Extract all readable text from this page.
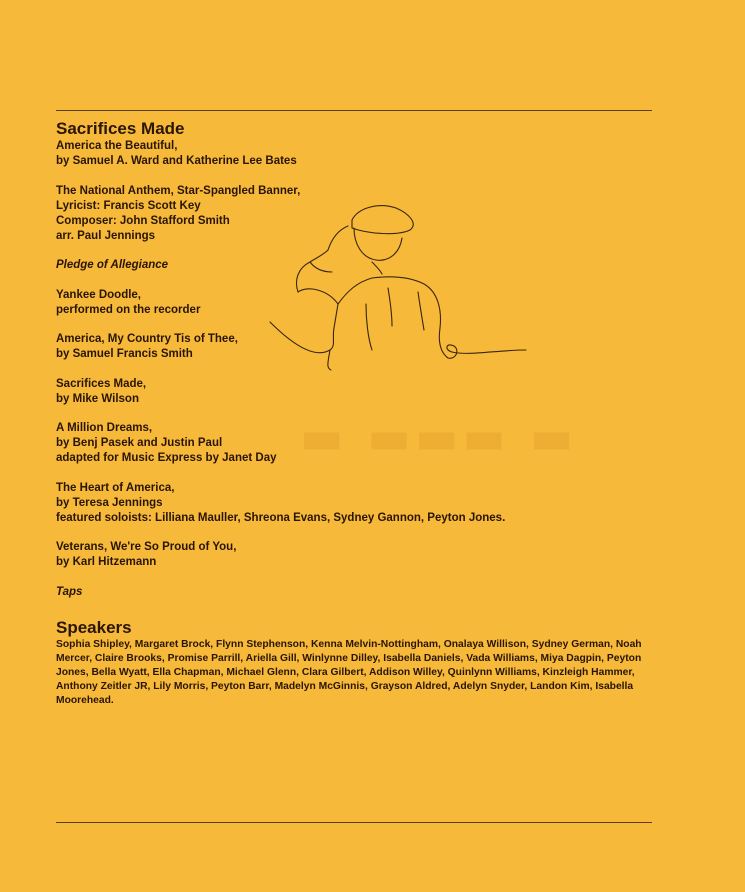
Sacrifices Made
America the Beautiful,
by Samuel A. Ward and Katherine Lee Bates
The National Anthem, Star-Spangled Banner,
Lyricist: Francis Scott Key
Composer: John Stafford Smith
arr. Paul Jennings
Pledge of Allegiance
Yankee Doodle,
performed on the recorder
America, My Country Tis of Thee,
by Samuel Francis Smith
Sacrifices Made,
by Mike Wilson
A Million Dreams,
by Benj Pasek and Justin Paul
adapted for Music Express by Janet Day
The Heart of America,
by Teresa Jennings
featured soloists: Lilliana Mauller, Shreona Evans, Sydney Gannon, Peyton Jones.
Veterans, We're So Proud of You,
by Karl Hitzemann
Taps
Speakers
Sophia Shipley, Margaret Brock, Flynn Stephenson, Kenna Melvin-Nottingham, Onalaya Willison, Sydney German, Noah Mercer, Claire Brooks, Promise Parrill, Ariella Gill, Winlynne Dilley, Isabella Daniels, Vada Williams, Miya Dagpin, Peyton Jones, Bella Wyatt, Ella Chapman, Michael Glenn, Clara Gilbert, Addison Willey, Quinlynn Williams, Kinzleigh Hammer, Anthony Zeitler JR, Lily Morris, Peyton Barr, Madelyn McGinnis, Grayson Aldred, Adelyn Snyder, Landon Kim, Isabella Moorehead.
▬ ▬▬▬ ▬
